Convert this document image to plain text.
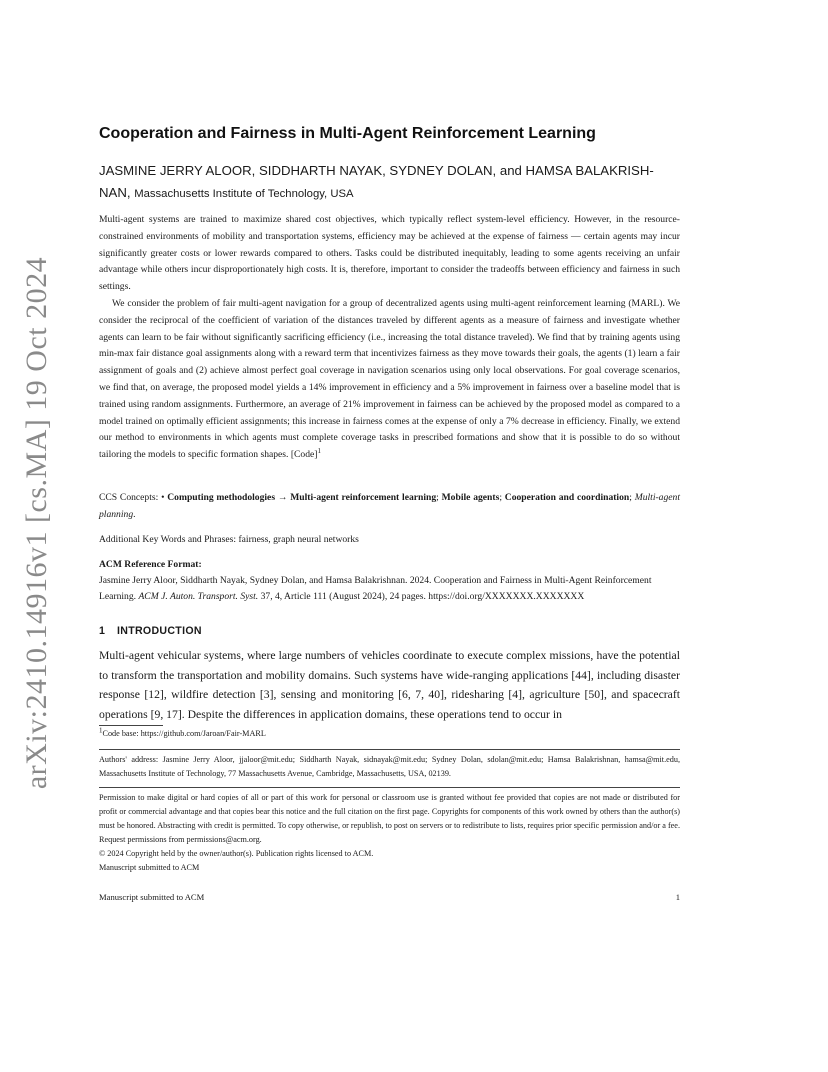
arXiv:2410.14916v1 [cs.MA] 19 Oct 2024
Cooperation and Fairness in Multi-Agent Reinforcement Learning
JASMINE JERRY ALOOR, SIDDHARTH NAYAK, SYDNEY DOLAN, and HAMSA BALAKRISH-
NAN, Massachusetts Institute of Technology, USA

Multi-agent systems are trained to maximize shared cost objectives, which typically reflect system-level efficiency. However, in the resource-constrained environments of mobility and transportation systems, efficiency may be achieved at the expense of fairness — certain agents may incur significantly greater costs or lower rewards compared to others. Tasks could be distributed inequitably, leading to some agents receiving an unfair advantage while others incur disproportionately high costs. It is, therefore, important to consider the tradeoffs between efficiency and fairness in such settings.

We consider the problem of fair multi-agent navigation for a group of decentralized agents using multi-agent reinforcement learning (MARL). We consider the reciprocal of the coefficient of variation of the distances traveled by different agents as a measure of fairness and investigate whether agents can learn to be fair without significantly sacrificing efficiency (i.e., increasing the total distance traveled). We find that by training agents using min-max fair distance goal assignments along with a reward term that incentivizes fairness as they move towards their goals, the agents (1) learn a fair assignment of goals and (2) achieve almost perfect goal coverage in navigation scenarios using only local observations. For goal coverage scenarios, we find that, on average, the proposed model yields a 14% improvement in efficiency and a 5% improvement in fairness over a baseline model that is trained using random assignments. Furthermore, an average of 21% improvement in fairness can be achieved by the proposed model as compared to a model trained on optimally efficient assignments; this increase in fairness comes at the expense of only a 7% decrease in efficiency. Finally, we extend our method to environments in which agents must complete coverage tasks in prescribed formations and show that it is possible to do so without tailoring the models to specific formation shapes. [Code]$^1$

CCS Concepts: • Computing methodologies → Multi-agent reinforcement learning; Mobile agents; Cooperation and coordination; Multi-agent planning.
Additional Key Words and Phrases: fairness, graph neural networks
ACM Reference Format:
Jasmine Jerry Aloor, Siddharth Nayak, Sydney Dolan, and Hamsa Balakrishnan. 2024. Cooperation and Fairness in Multi-Agent Reinforcement Learning. ACM J. Auton. Transport. Syst. 37, 4, Article 111 (August 2024), 24 pages. https://doi.org/XXXXXXX.XXXXXXX
1 INTRODUCTION

Multi-agent vehicular systems, where large numbers of vehicles coordinate to execute complex missions, have the potential to transform the transportation and mobility domains. Such systems have wide-ranging applications [44], including disaster response [12], wildfire detection [3], sensing and monitoring [6, 7, 40], ridesharing [4], agriculture [50], and spacecraft operations [9, 17]. Despite the differences in application domains, these operations tend to occur in

$^1$Code base: https://github.com/Jaroan/Fair-MARL
Authors' address: Jasmine Jerry Aloor, jjaloor@mit.edu; Siddharth Nayak, sidnayak@mit.edu; Sydney Dolan, sdolan@mit.edu; Hamsa Balakrishnan, hamsa@mit.edu, Massachusetts Institute of Technology, 77 Massachusetts Avenue, Cambridge, Massachusetts, USA, 02139.

Permission to make digital or hard copies of all or part of this work for personal or classroom use is granted without fee provided that copies are not made or distributed for profit or commercial advantage and that copies bear this notice and the full citation on the first page. Copyrights for components of this work owned by others than the author(s) must be honored. Abstracting with credit is permitted. To copy otherwise, or republish, to post on servers or to redistribute to lists, requires prior specific permission and/or a fee. Request permissions from permissions@acm.org.

© 2024 Copyright held by the owner/author(s). Publication rights licensed to ACM.

Manuscript submitted to ACM

Manuscript submitted to ACM	1
